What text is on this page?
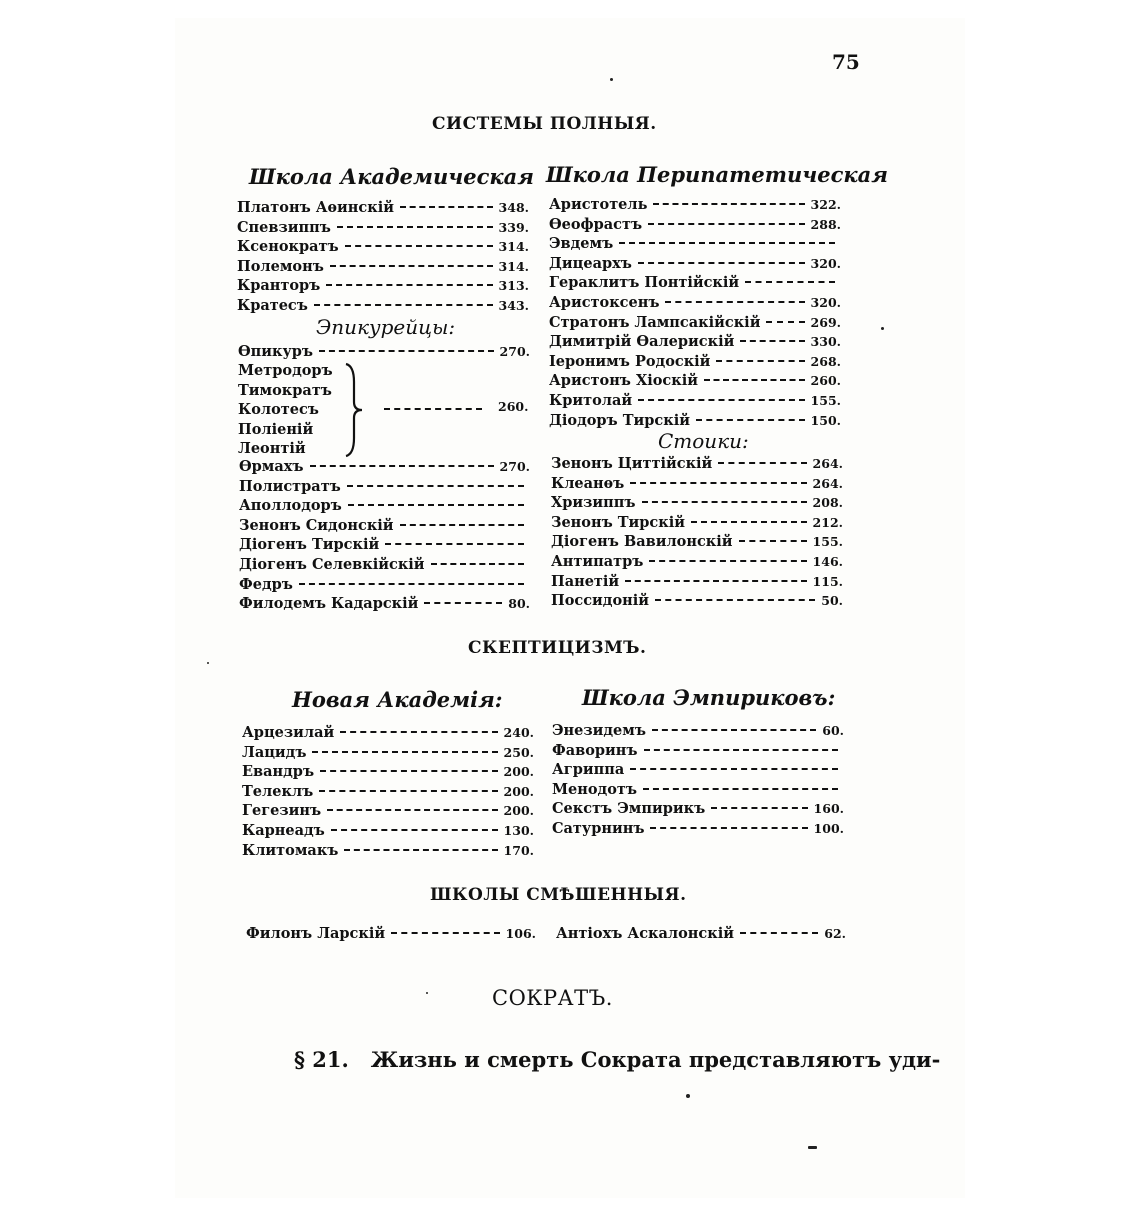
75
СИСТЕМЫ ПОЛНЫЯ.
Школа Академическая Школа Перипатетическая
Платонъ Аѳинскій	348.
Спевзиппъ	339.
Ксенократъ	314.
Полемонъ	314.
Кранторъ	313.
Кратесъ	343.
Эпикурейцы:
Ѳпикуръ	270.
Метродоръ
Тимократъ
Колотесъ
Поліеній
Леонтій
260.
Ѳрмахъ	270.
Полистратъ
Аполлодоръ
Зенонъ Сидонскій
Діогенъ Тирскій
Діогенъ Селевкійскій
Федръ
Филодемъ Кадарскій	80.
Аристотель	322.
Ѳеофрастъ	288.
Эвдемъ
Дицеархъ	320.
Гераклитъ Понтійскій
Аристоксенъ	320.
Стратонъ Лампсакійскій	269.
Димитрій Ѳалерискій	330.
Іеронимъ Родоскій	268.
Аристонъ Хіоскій	260.
Критолай	155.
Діодоръ Тирскій	150.
Стоики:
Зенонъ Циттійскій	264.
Клеанѳъ	264.
Хризиппъ	208.
Зенонъ Тирскій	212.
Діогенъ Вавилонскій	155.
Антипатръ	146.
Панетій	115.
Поссидоній	50.
СКЕПТИЦИЗМЪ.
Новая Академія:	Школа Эмпириковъ:
Арцезилай	240.
Лацидъ	250.
Евандръ	200.
Телеклъ	200.
Гегезинъ	200.
Карнеадъ	130.
Клитомакъ	170.
Энезидемъ	60.
Фаворинъ
Агриппа
Менодотъ
Секстъ Эмпирикъ	160.
Сатурнинъ	100.
ШКОЛЫ СМѢШЕННЫЯ.
Филонъ Ларскій	106. Антіохъ Аскалонскій	62.
СОКРАТЪ.
§ 21. Жизнь и смерть Сократа представляютъ уди-
